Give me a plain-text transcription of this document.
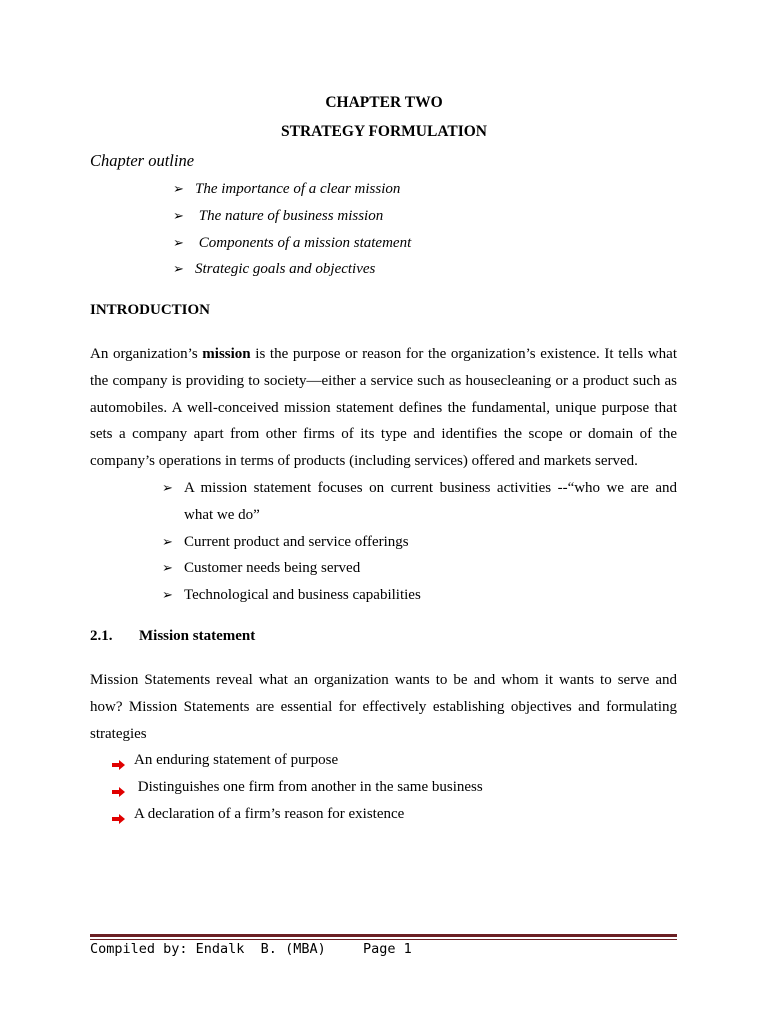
CHAPTER TWO
STRATEGY FORMULATION
Chapter outline
➢ The importance of a clear mission
➢ The nature of business mission
➢ Components of a mission statement
➢ Strategic goals and objectives
INTRODUCTION

An organization’s mission is the purpose or reason for the organization’s existence. It tells what the company is providing to society—either a service such as housecleaning or a product such as automobiles. A well-conceived mission statement defines the fundamental, unique purpose that sets a company apart from other firms of its type and identifies the scope or domain of the company’s operations in terms of products (including services) offered and markets served.

➢ A mission statement focuses on current business activities --“who we are and what we do”
➢ Current product and service offerings
➢ Customer needs being served
➢ Technological and business capabilities
2.1. Mission statement

Mission Statements reveal what an organization wants to be and whom it wants to serve and how? Mission Statements are essential for effectively establishing objectives and formulating strategies

An enduring statement of purpose
Distinguishes one firm from another in the same business
A declaration of a firm’s reason for existence
Compiled by: Endalk  B. (MBA)	Page 1
